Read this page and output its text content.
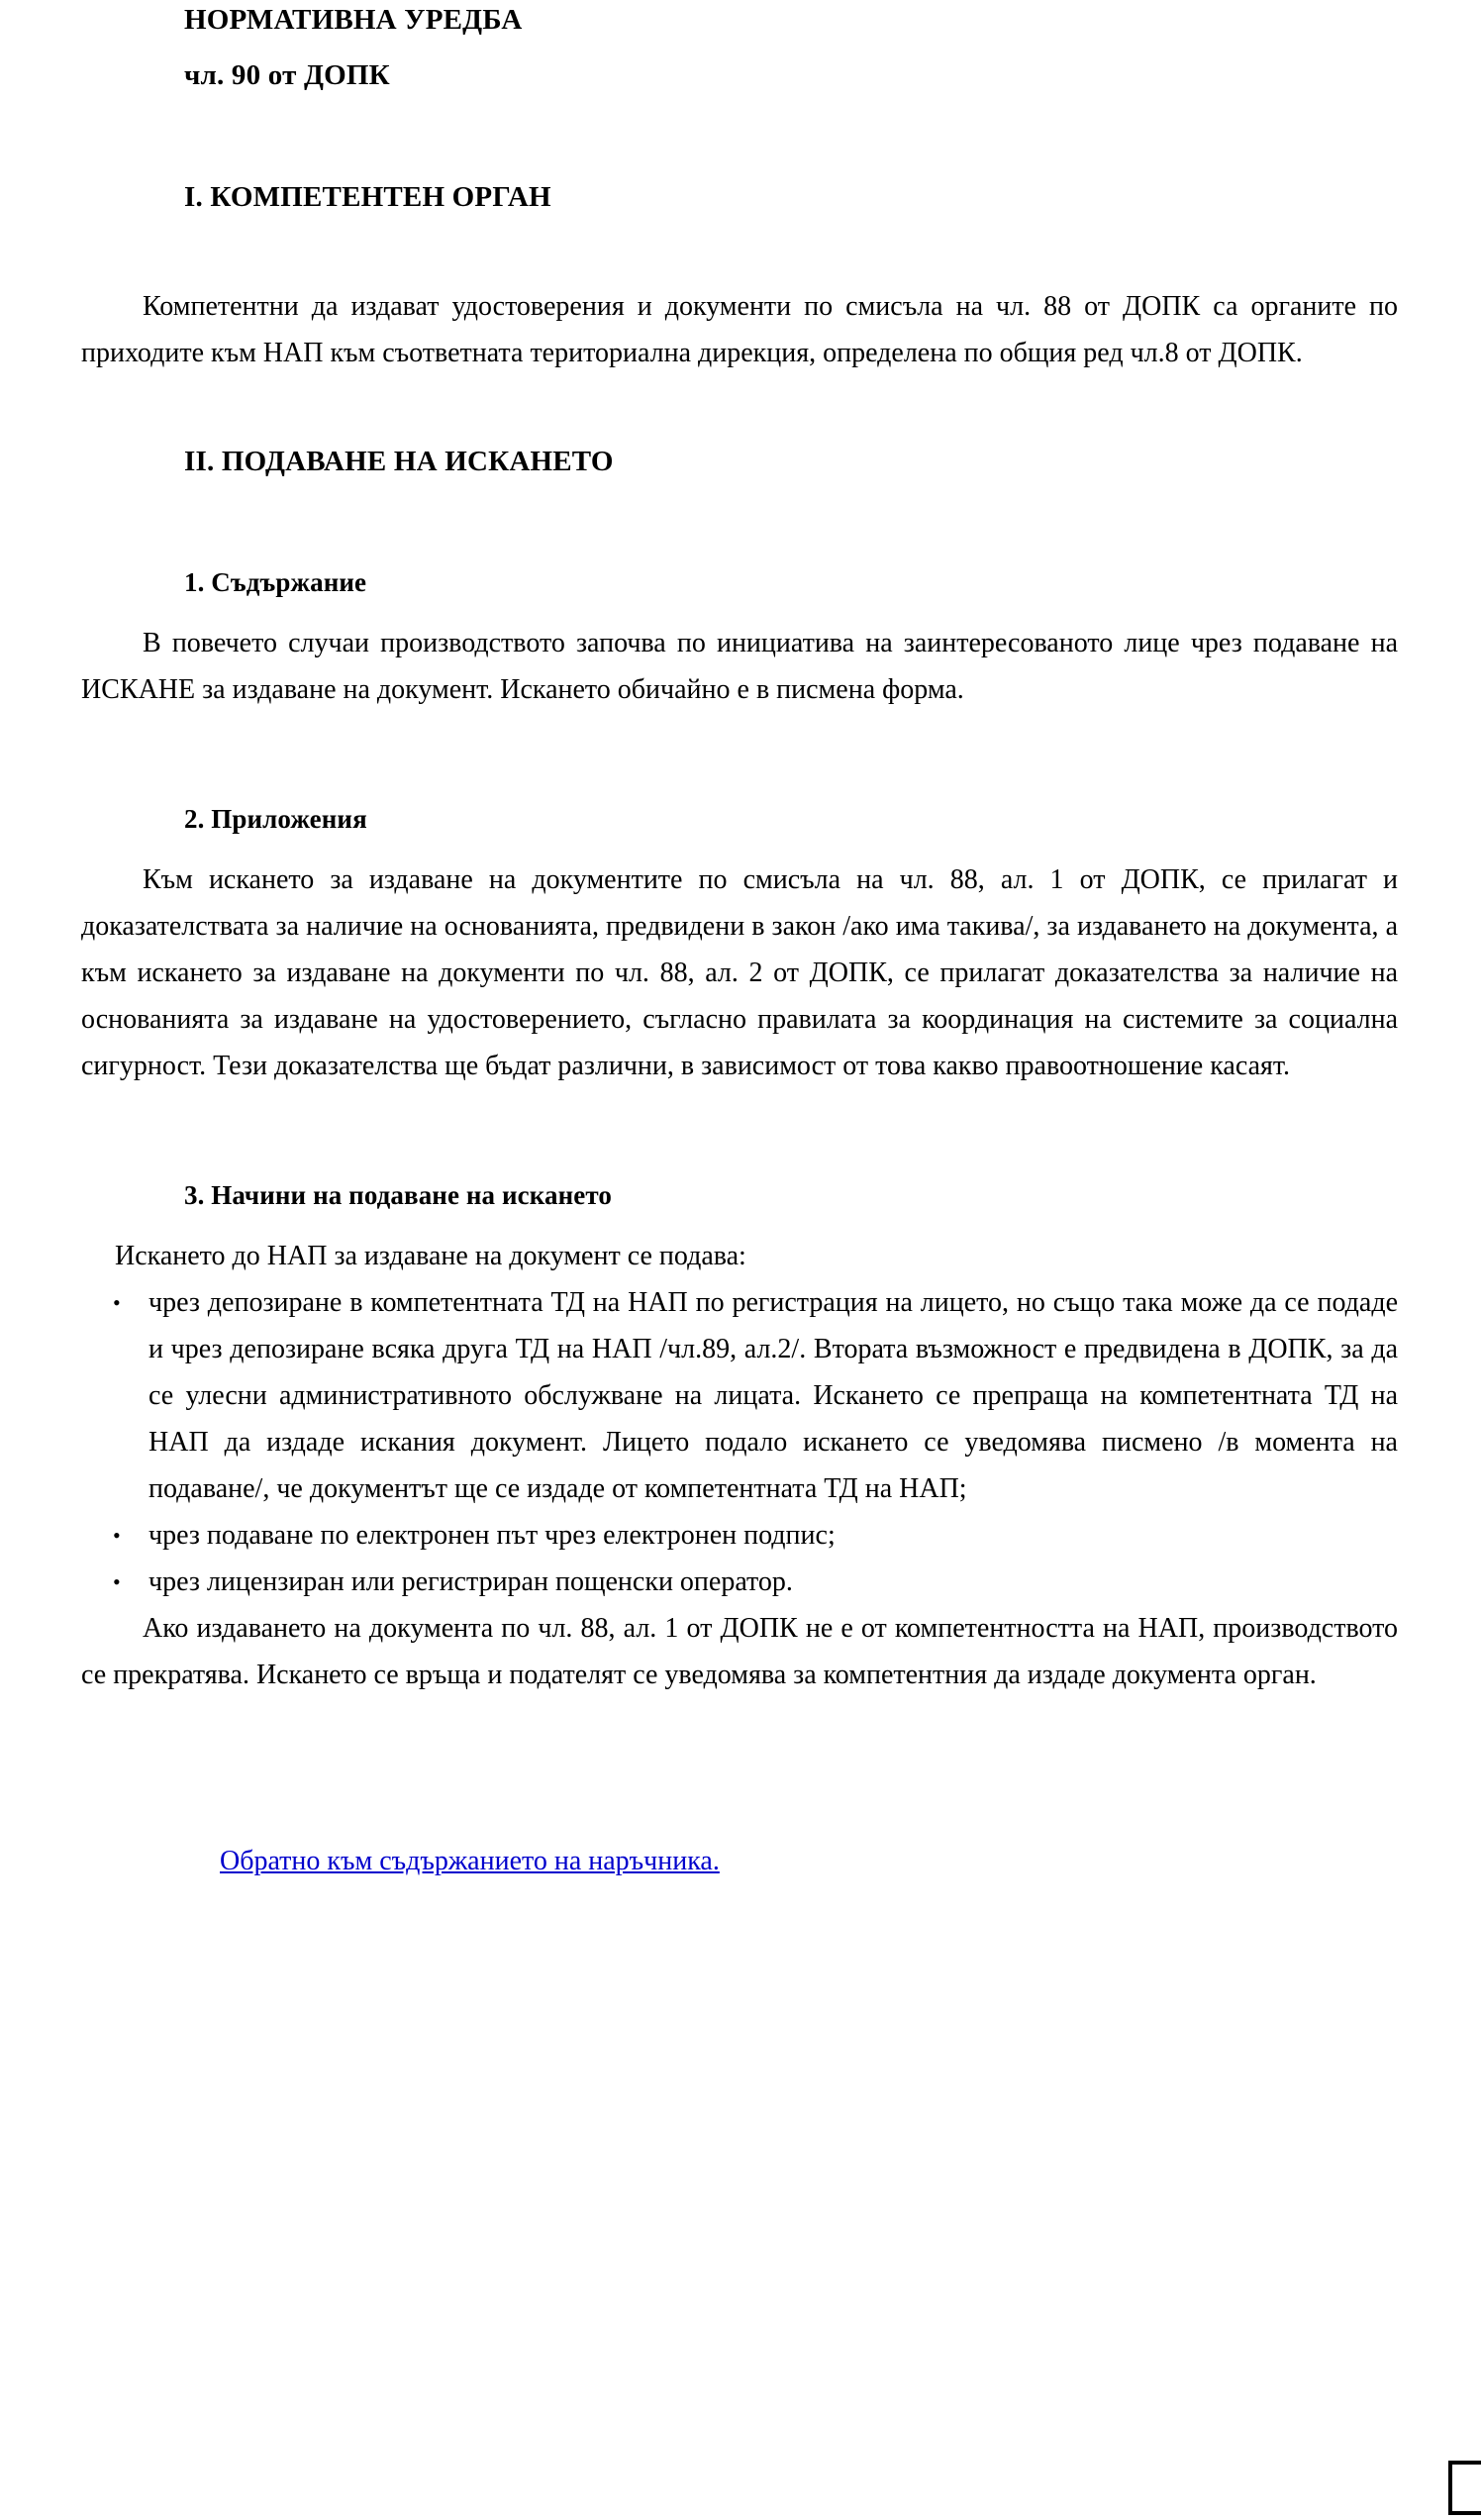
НОРМАТИВНА УРЕДБА
чл. 90 от ДОПК
I. КОМПЕТЕНТЕН ОРГАН

Компетентни да издават удостоверения и документи по смисъла на чл. 88 от ДОПК са органите по приходите към НАП към съответната териториална дирекция, определена по общия ред чл.8 от ДОПК.

II. ПОДАВАНЕ НА ИСКАНЕТО
1. Съдържание

В повечето случаи производството започва по инициатива на заинтересованото лице чрез подаване на ИСКАНЕ за издаване на документ. Искането обичайно е в писмена форма.

2. Приложения

Към искането за издаване на документите по смисъла на чл. 88, ал. 1 от ДОПК, се прилагат и доказателствата за наличие на основанията, предвидени в закон /ако има такива/, за издаването на документа, а към искането за издаване на документи по чл. 88, ал. 2 от ДОПК, се прилагат доказателства за наличие на основанията за издаване на удостоверението, съгласно правилата за координация на системите за социална сигурност. Тези доказателства ще бъдат различни, в зависимост от това какво правоотношение касаят.

3. Начини на подаване на искането

Искането до НАП за издаване на документ се подава:

• чрез депозиране в компетентната ТД на НАП по регистрация на лицето, но също така може да се подаде и чрез депозиране всяка друга ТД на НАП /чл.89, ал.2/. Втората възможност е предвидена в ДОПК, за да се улесни административното обслужване на лицата. Искането се препраща на компетентната ТД на НАП да издаде искания документ. Лицето подало искането се уведомява писмено /в момента на подаване/, че документът ще се издаде от компетентната ТД на НАП;
• чрез подаване по електронен път чрез електронен подпис;
• чрез лицензиран или регистриран пощенски оператор.

Ако издаването на документа по чл. 88, ал. 1 от ДОПК не е от компетентността на НАП, производството се прекратява. Искането се връща и подателят се уведомява за компетентния да издаде документа орган.

Обратно към съдържанието на наръчника.
